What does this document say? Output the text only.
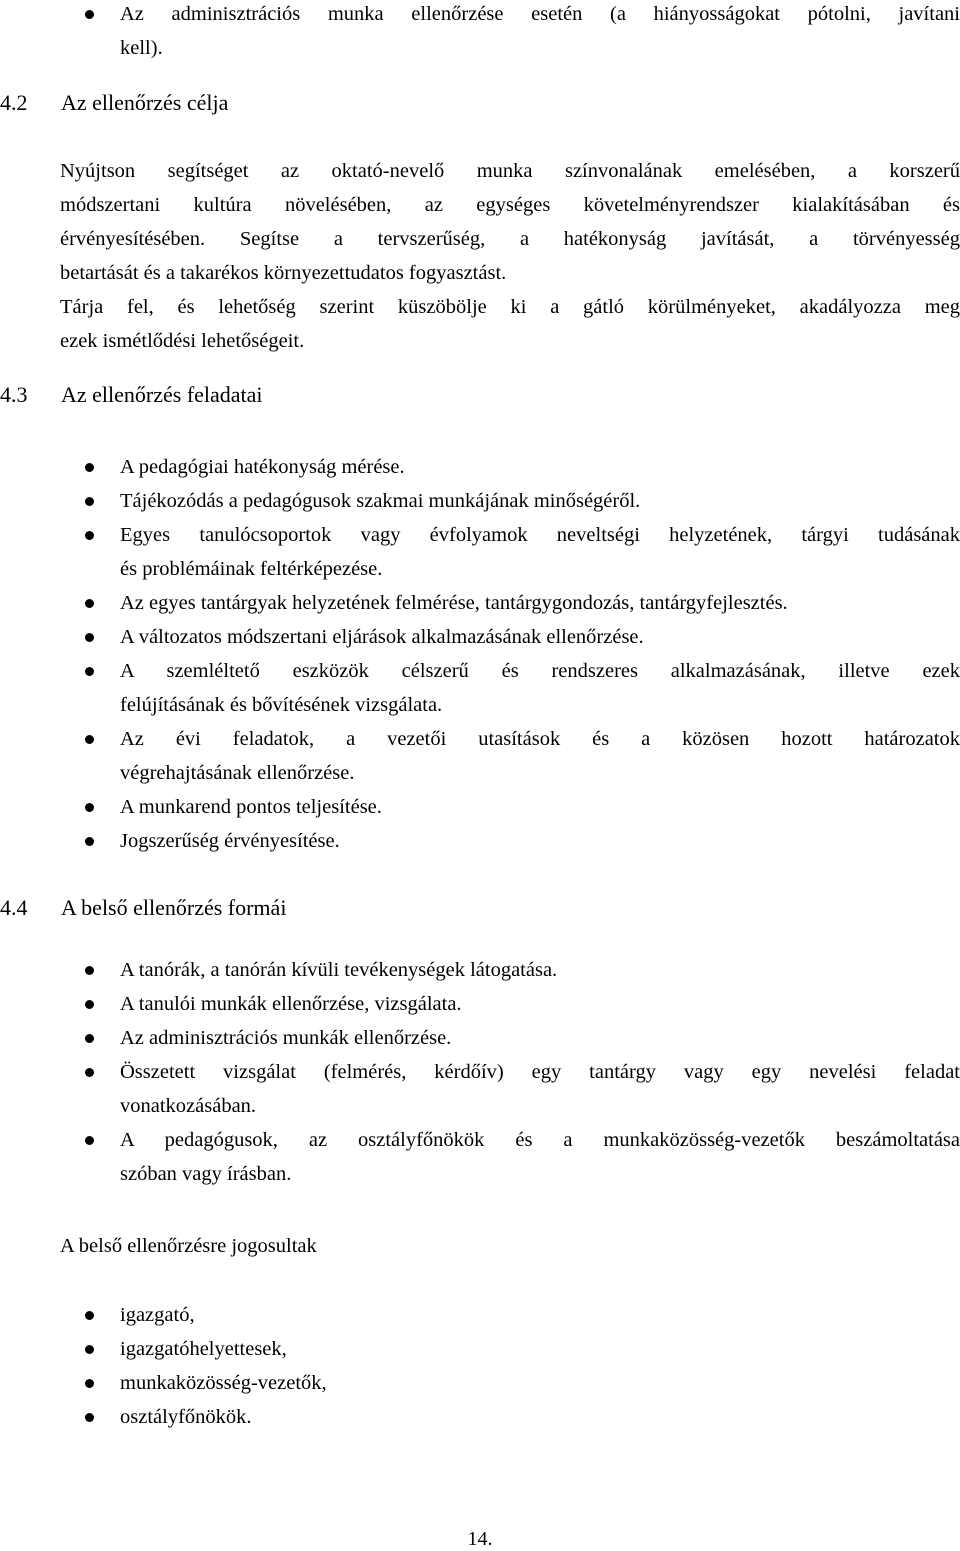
Az adminisztrációs munka ellenőrzése esetén (a hiányosságokat pótolni, javítani
kell).
4.2 Az ellenőrzés célja
Nyújtson segítséget az oktató-nevelő munka színvonalának emelésében, a korszerű
módszertani kultúra növelésében, az egységes követelményrendszer kialakításában és
érvényesítésében. Segítse a tervszerűség, a hatékonyság javítását, a törvényesség
betartását és a takarékos környezettudatos fogyasztást.
Tárja fel, és lehetőség szerint küszöbölje ki a gátló körülményeket, akadályozza meg
ezek ismétlődési lehetőségeit.
4.3 Az ellenőrzés feladatai
A pedagógiai hatékonyság mérése.
Tájékozódás a pedagógusok szakmai munkájának minőségéről.
Egyes tanulócsoportok vagy évfolyamok neveltségi helyzetének, tárgyi tudásának
és problémáinak feltérképezése.
Az egyes tantárgyak helyzetének felmérése, tantárgygondozás, tantárgyfejlesztés.
A változatos módszertani eljárások alkalmazásának ellenőrzése.
A szemléltető eszközök célszerű és rendszeres alkalmazásának, illetve ezek
felújításának és bővítésének vizsgálata.
Az évi feladatok, a vezetői utasítások és a közösen hozott határozatok
végrehajtásának ellenőrzése.
A munkarend pontos teljesítése.
Jogszerűség érvényesítése.
4.4 A belső ellenőrzés formái
A tanórák, a tanórán kívüli tevékenységek látogatása.
A tanulói munkák ellenőrzése, vizsgálata.
Az adminisztrációs munkák ellenőrzése.
Összetett vizsgálat (felmérés, kérdőív) egy tantárgy vagy egy nevelési feladat
vonatkozásában.
A pedagógusok, az osztályfőnökök és a munkaközösség-vezetők beszámoltatása
szóban vagy írásban.
A belső ellenőrzésre jogosultak
igazgató,
igazgatóhelyettesek,
munkaközösség-vezetők,
osztályfőnökök.
14.
